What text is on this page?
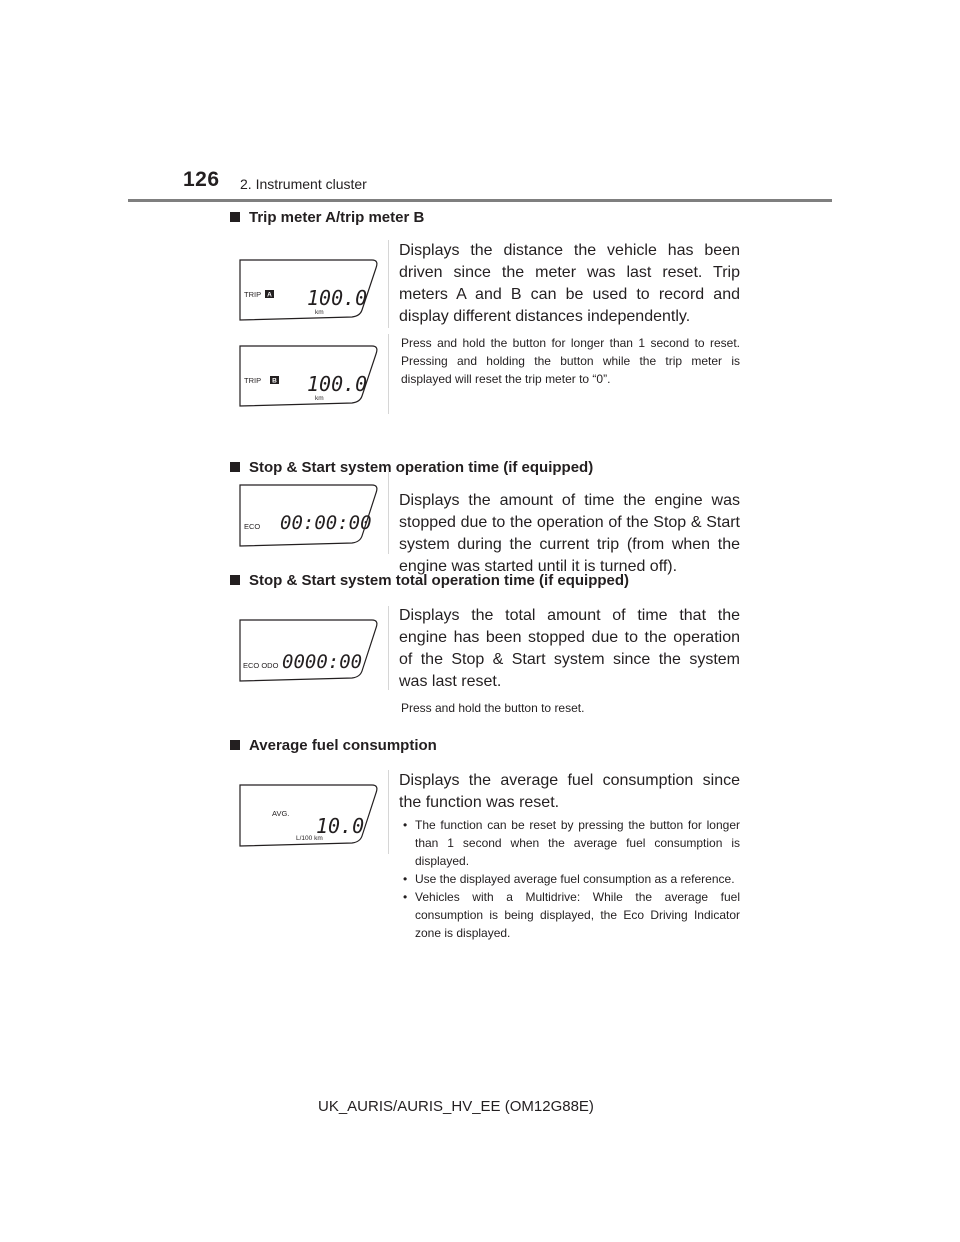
126 2. Instrument cluster
Trip meter A/trip meter B
TRIP A 100.0
km
TRIP B 100.0
km
Displays the distance the vehicle has been driven since the meter was last reset. Trip meters A and B can be used to record and display different distances independently.
Press and hold the button for longer than 1 second to reset. Pressing and holding the button while the trip meter is displayed will reset the trip meter to “0”.
Stop & Start system operation time (if equipped)
ECO 00:00:00
Displays the amount of time the engine was stopped due to the operation of the Stop & Start system during the current trip (from when the engine was started until it is turned off).
Stop & Start system total operation time (if equipped)
ECO ODO 0000:00
Displays the total amount of time that the engine has been stopped due to the operation of the Stop & Start system since the system was last reset.
Press and hold the button to reset.
Average fuel consumption
AVG.
10.0
L/100 km
Displays the average fuel consumption since the function was reset.
• The function can be reset by pressing the button for longer than 1 second when the average fuel consumption is displayed.
• Use the displayed average fuel consumption as a reference.
• Vehicles with a Multidrive: While the average fuel consumption is being displayed, the Eco Driving Indicator zone is displayed.
UK_AURIS/AURIS_HV_EE (OM12G88E)
